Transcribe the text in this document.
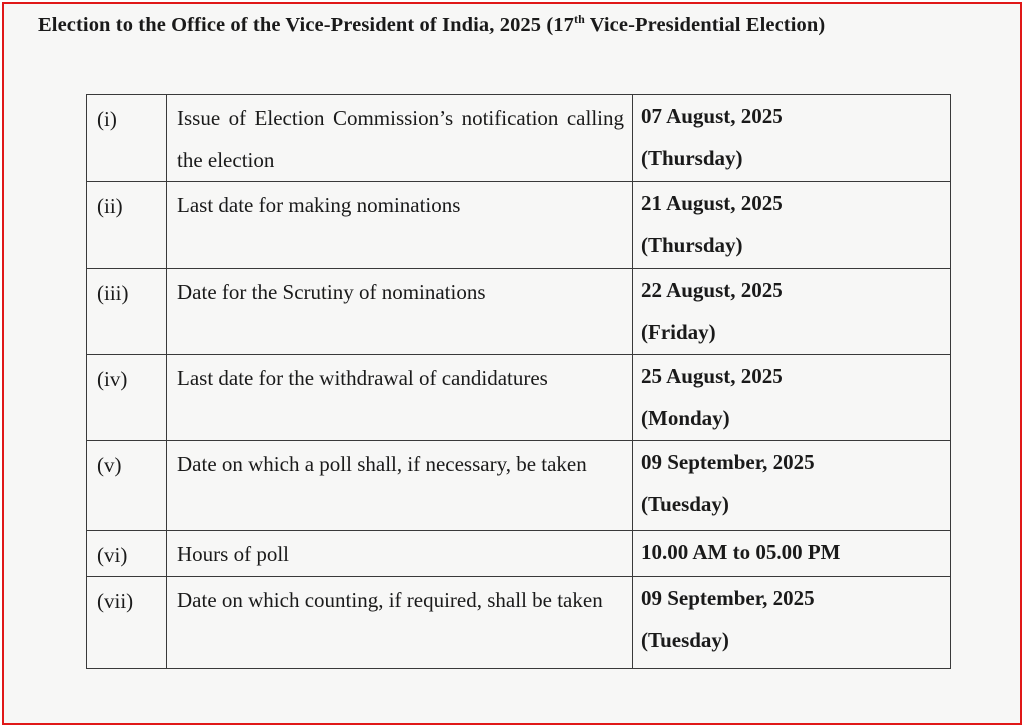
Election to the Office of the Vice-President of India, 2025 (17th Vice-Presidential Election)
(i)	Issue of Election Commission’s notification calling the election	07 August, 2025
(Thursday)

(ii)	Last date for making nominations	21 August, 2025
(Thursday)

(iii)	Date for the Scrutiny of nominations	22 August, 2025
(Friday)

(iv)	Last date for the withdrawal of candidatures	25 August, 2025
(Monday)

(v)	Date on which a poll shall, if necessary, be taken	09 September, 2025
(Tuesday)

(vi)	Hours of poll	10.00 AM to 05.00 PM

(vii)	Date on which counting, if required, shall be taken	09 September, 2025
(Tuesday)
